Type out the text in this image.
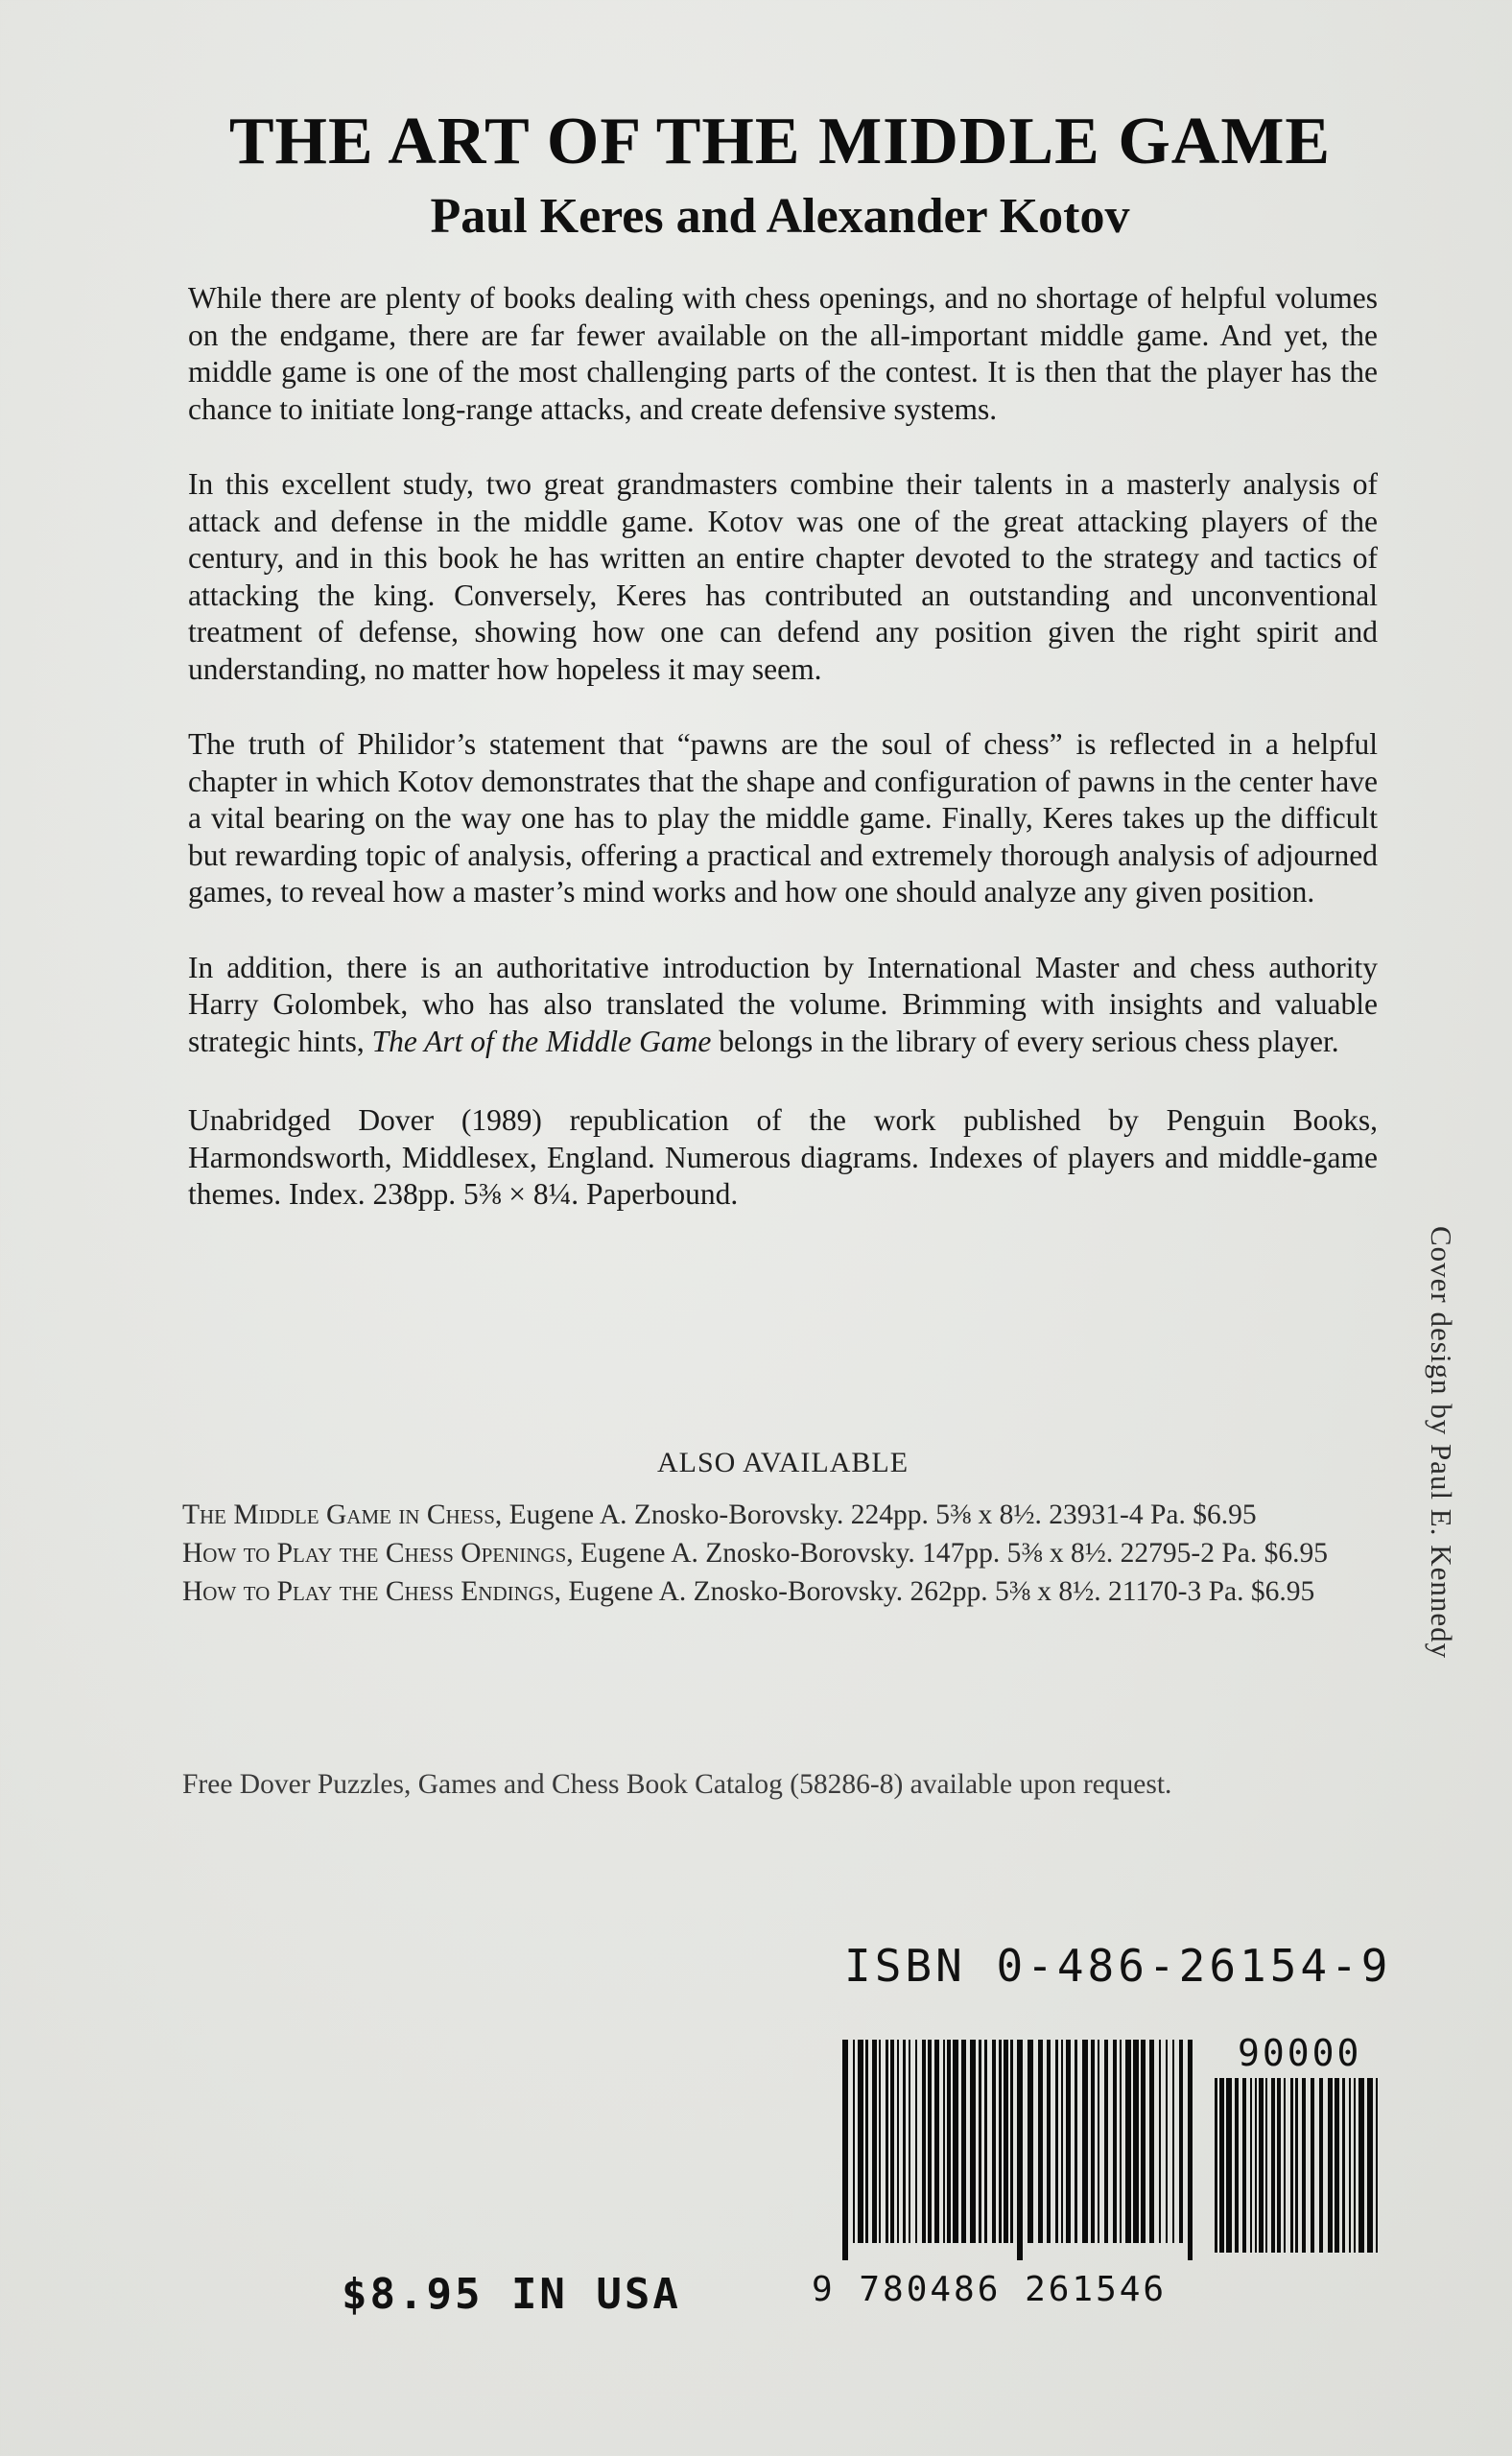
THE ART OF THE MIDDLE GAME
Paul Keres and Alexander Kotov

While there are plenty of books dealing with chess openings, and no shortage of helpful volumes on the endgame, there are far fewer available on the all-important middle game. And yet, the middle game is one of the most challenging parts of the contest. It is then that the player has the chance to initiate long-range attacks, and create defensive systems.

In this excellent study, two great grandmasters combine their talents in a masterly analysis of attack and defense in the middle game. Kotov was one of the great attacking players of the century, and in this book he has written an entire chapter devoted to the strategy and tactics of attacking the king. Conversely, Keres has contributed an outstanding and unconventional treatment of defense, showing how one can defend any position given the right spirit and understanding, no matter how hopeless it may seem.

The truth of Philidor’s statement that “pawns are the soul of chess” is reflected in a helpful chapter in which Kotov demonstrates that the shape and configuration of pawns in the center have a vital bearing on the way one has to play the middle game. Finally, Keres takes up the difficult but rewarding topic of analysis, offering a practical and extremely thorough analysis of adjourned games, to reveal how a master’s mind works and how one should analyze any given position.

In addition, there is an authoritative introduction by International Master and chess authority Harry Golombek, who has also translated the volume. Brimming with insights and valuable strategic hints, The Art of the Middle Game belongs in the library of every serious chess player.

Unabridged Dover (1989) republication of the work published by Penguin Books, Harmondsworth, Middlesex, England. Numerous diagrams. Indexes of players and middle-game themes. Index. 238pp. 5⅜ × 8¼. Paperbound.

ALSO AVAILABLE
The Middle Game in Chess, Eugene A. Znosko-Borovsky. 224pp. 5⅜ x 8½. 23931-4 Pa. $6.95
How to Play the Chess Openings, Eugene A. Znosko-Borovsky. 147pp. 5⅜ x 8½. 22795-2 Pa. $6.95
How to Play the Chess Endings, Eugene A. Znosko-Borovsky. 262pp. 5⅜ x 8½. 21170-3 Pa. $6.95
Free Dover Puzzles, Games and Chess Book Catalog (58286-8) available upon request.
Cover design by Paul E. Kennedy
ISBN 0-486-26154-9
90000
9 780486 261546
$8.95 IN USA
